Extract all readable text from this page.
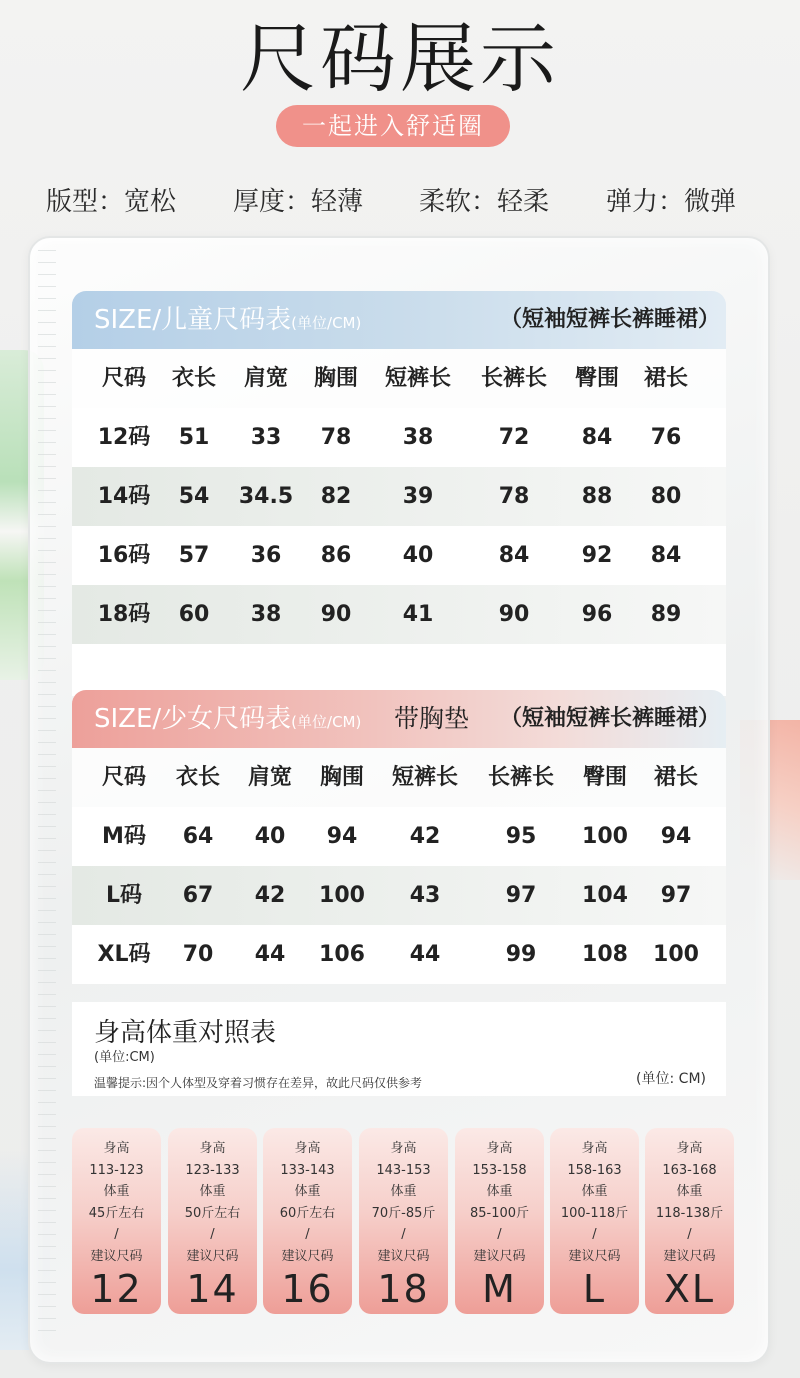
尺码展示
一起进入舒适圈
版型：宽松 厚度：轻薄 柔软：轻柔 弹力：微弹
SIZE/儿童尺码表(单位/CM)	（短袖短裤长裤睡裙）
尺码 衣长 肩宽 胸围 短裤长 长裤长 臀围 裙长
12码 51 33 78 38	72 84 76
14码 54 34.5 82 39	78 88 80
16码 57 36 86 40	84 92 84
18码 60 38 90 41	90 96 89
SIZE/少女尺码表(单位/CM) 带胸垫 （短袖短裤长裤睡裙）
尺码 衣长 肩宽 胸围 短裤长 长裤长 臀围 裙长
M码 64 40 94 42	95 100 94
L码 67 42 100 43	97 104 97
XL码 70 44 106 44	99 108 100
身高体重对照表
(单位:CM)
温馨提示:因个人体型及穿着习惯存在差异，故此尺码仅供参考	(单位: CM)
身高
113-123
体重
45斤左右
/
建议尺码
12
身高
123-133
体重
50斤左右
/
建议尺码
14
身高
133-143
体重
60斤左右
/
建议尺码
16
身高
143-153
体重
70斤-85斤
/
建议尺码
18
身高
153-158
体重
85-100斤
/
建议尺码
M
身高
158-163
体重
100-118斤
/
建议尺码
L
身高
163-168
体重
118-138斤
/
建议尺码
XL
